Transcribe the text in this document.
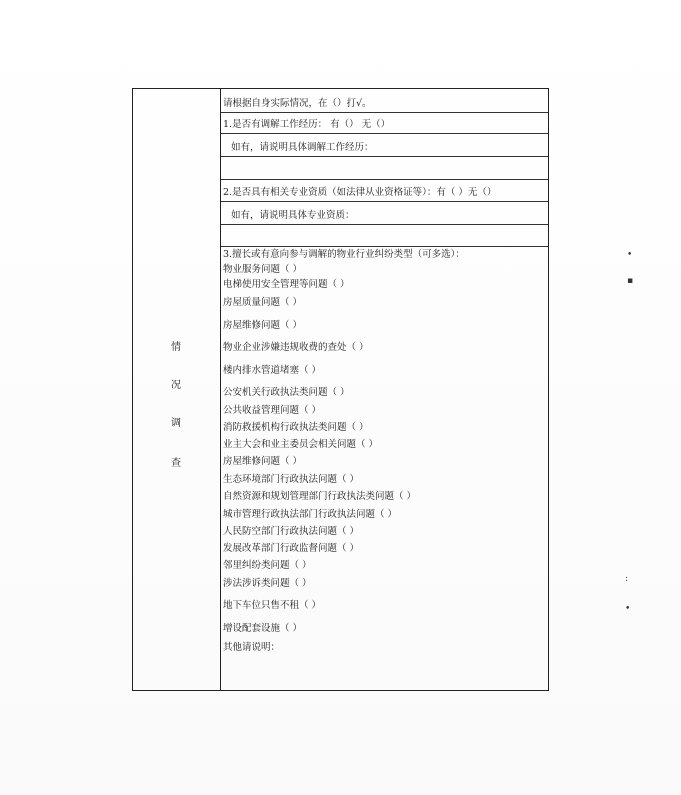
•
▪
:
•
情
况
调
查
请根据自身实际情况，在（）打√。
1.是否有调解工作经历： 有（） 无（）
如有，请说明具体调解工作经历：
2.是否具有相关专业资质（如法律从业资格证等）：有（ ）无（）
如有，请说明具体专业资质：
3.擅长或有意向参与调解的物业行业纠纷类型（可多选）：
物业服务问题（ ）
电梯使用安全管理等问题（ ）
房屋质量问题（ ）
房屋维修问题（ ）
物业企业涉嫌违规收费的查处（ ）
楼内排水管道堵塞（ ）
公安机关行政执法类问题（ ）
公共收益管理问题（ ）
消防救援机构行政执法类问题（ ）
业主大会和业主委员会相关问题（ ）
房屋维修问题（ ）
生态环境部门行政执法问题（ ）
自然资源和规划管理部门行政执法类问题（ ）
城市管理行政执法部门行政执法问题（ ）
人民防空部门行政执法问题（ ）
发展改革部门行政监督问题（ ）
邻里纠纷类问题（ ）
涉法涉诉类问题（ ）
地下车位只售不租（ ）
增设配套设施（ ）
其他请说明：
